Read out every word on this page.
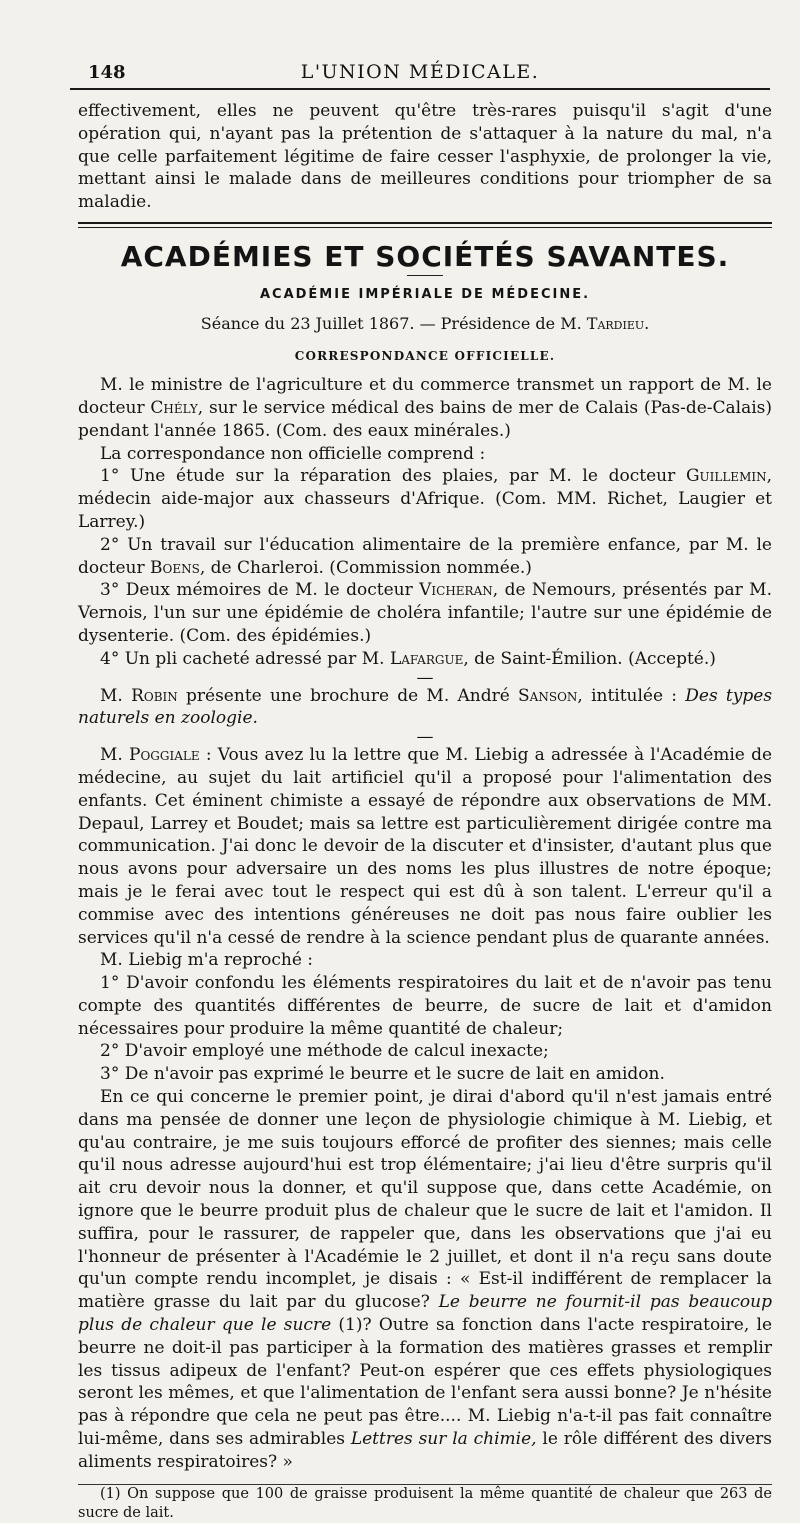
148	L'UNION MÉDICALE.

effectivement, elles ne peuvent qu'être très-rares puisqu'il s'agit d'une opération qui, n'ayant pas la prétention de s'attaquer à la nature du mal, n'a que celle parfaitement légitime de faire cesser l'asphyxie, de prolonger la vie, mettant ainsi le malade dans de meilleures conditions pour triompher de sa maladie.

ACADÉMIES ET SOCIÉTÉS SAVANTES.
ACADÉMIE IMPÉRIALE DE MÉDECINE.
Séance du 23 Juillet 1867. — Présidence de M. Tardieu.
CORRESPONDANCE OFFICIELLE.

M. le ministre de l'agriculture et du commerce transmet un rapport de M. le docteur Chély, sur le service médical des bains de mer de Calais (Pas-de-Calais) pendant l'année 1865. (Com. des eaux minérales.)

La correspondance non officielle comprend :

1° Une étude sur la réparation des plaies, par M. le docteur Guillemin, médecin aide-major aux chasseurs d'Afrique. (Com. MM. Richet, Laugier et Larrey.)

2° Un travail sur l'éducation alimentaire de la première enfance, par M. le docteur Boens, de Charleroi. (Commission nommée.)

3° Deux mémoires de M. le docteur Vicheran, de Nemours, présentés par M. Vernois, l'un sur une épidémie de choléra infantile; l'autre sur une épidémie de dysenterie. (Com. des épidémies.)

4° Un pli cacheté adressé par M. Lafargue, de Saint-Émilion. (Accepté.)

—

M. Robin présente une brochure de M. André Sanson, intitulée : Des types naturels en zoologie.

—

M. Poggiale : Vous avez lu la lettre que M. Liebig a adressée à l'Académie de médecine, au sujet du lait artificiel qu'il a proposé pour l'alimentation des enfants. Cet éminent chimiste a essayé de répondre aux observations de MM. Depaul, Larrey et Boudet; mais sa lettre est particulièrement dirigée contre ma communication. J'ai donc le devoir de la discuter et d'insister, d'autant plus que nous avons pour adversaire un des noms les plus illustres de notre époque; mais je le ferai avec tout le respect qui est dû à son talent. L'erreur qu'il a commise avec des intentions généreuses ne doit pas nous faire oublier les services qu'il n'a cessé de rendre à la science pendant plus de quarante années.

M. Liebig m'a reproché :

1° D'avoir confondu les éléments respiratoires du lait et de n'avoir pas tenu compte des quantités différentes de beurre, de sucre de lait et d'amidon nécessaires pour produire la même quantité de chaleur;

2° D'avoir employé une méthode de calcul inexacte;

3° De n'avoir pas exprimé le beurre et le sucre de lait en amidon.

En ce qui concerne le premier point, je dirai d'abord qu'il n'est jamais entré dans ma pensée de donner une leçon de physiologie chimique à M. Liebig, et qu'au contraire, je me suis toujours efforcé de profiter des siennes; mais celle qu'il nous adresse aujourd'hui est trop élémentaire; j'ai lieu d'être surpris qu'il ait cru devoir nous la donner, et qu'il suppose que, dans cette Académie, on ignore que le beurre produit plus de chaleur que le sucre de lait et l'amidon. Il suffira, pour le rassurer, de rappeler que, dans les observations que j'ai eu l'honneur de présenter à l'Académie le 2 juillet, et dont il n'a reçu sans doute qu'un compte rendu incomplet, je disais : « Est-il indifférent de remplacer la matière grasse du lait par du glucose? Le beurre ne fournit-il pas beaucoup plus de chaleur que le sucre (1)? Outre sa fonction dans l'acte respiratoire, le beurre ne doit-il pas participer à la formation des matières grasses et remplir les tissus adipeux de l'enfant? Peut-on espérer que ces effets physiologiques seront les mêmes, et que l'alimentation de l'enfant sera aussi bonne? Je n'hésite pas à répondre que cela ne peut pas être.... M. Liebig n'a-t-il pas fait connaître lui-même, dans ses admirables Lettres sur la chimie, le rôle différent des divers aliments respiratoires? »

(1) On suppose que 100 de graisse produisent la même quantité de chaleur que 263 de sucre de lait.
